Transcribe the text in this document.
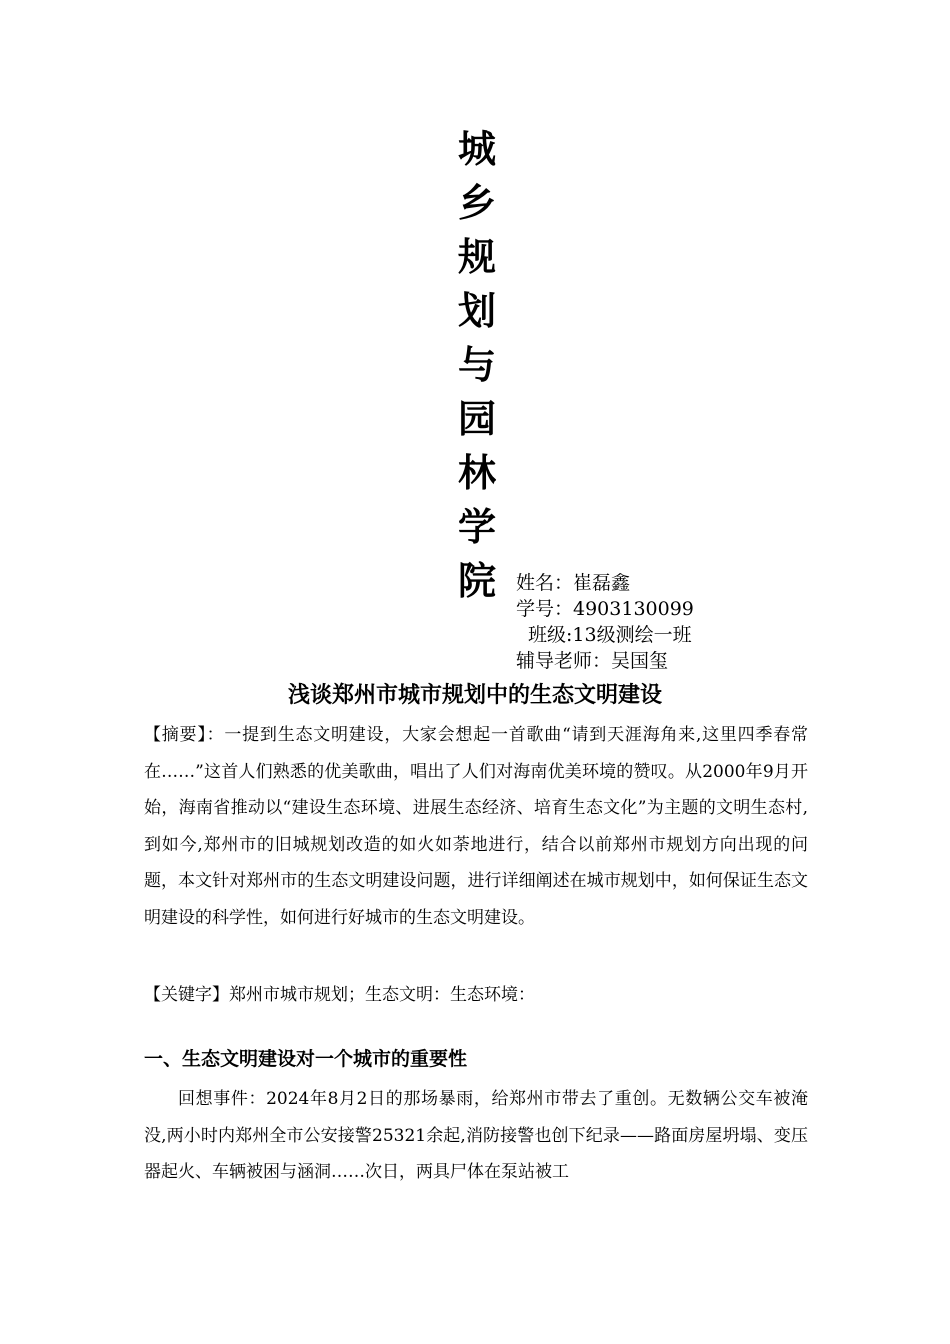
城乡规划与园林学院 姓名：崔磊鑫
学号：4903130099
班级:13级测绘一班
辅导老师：吴国玺
浅谈郑州市城市规划中的生态文明建设
【摘要】：一提到生态文明建设，大家会想起一首歌曲“请到天涯海角来,这里四季春常在……”这首人们熟悉的优美歌曲，唱出了人们对海南优美环境的赞叹。从2000年9月开始，海南省推动以“建设生态环境、进展生态经济、培育生态文化”为主题的文明生态村,到如今,郑州市的旧城规划改造的如火如荼地进行，结合以前郑州市规划方向出现的问题，本文针对郑州市的生态文明建设问题，进行详细阐述在城市规划中，如何保证生态文明建设的科学性，如何进行好城市的生态文明建设。
【关键字】郑州市城市规划；生态文明：生态环境：
一、生态文明建设对一个城市的重要性
回想事件：2024年8月2日的那场暴雨，给郑州市带去了重创。无数辆公交车被淹没,两小时内郑州全市公安接警25321余起,消防接警也创下纪录——路面房屋坍塌、变压器起火、车辆被困与涵洞……次日，两具尸体在泵站被工
